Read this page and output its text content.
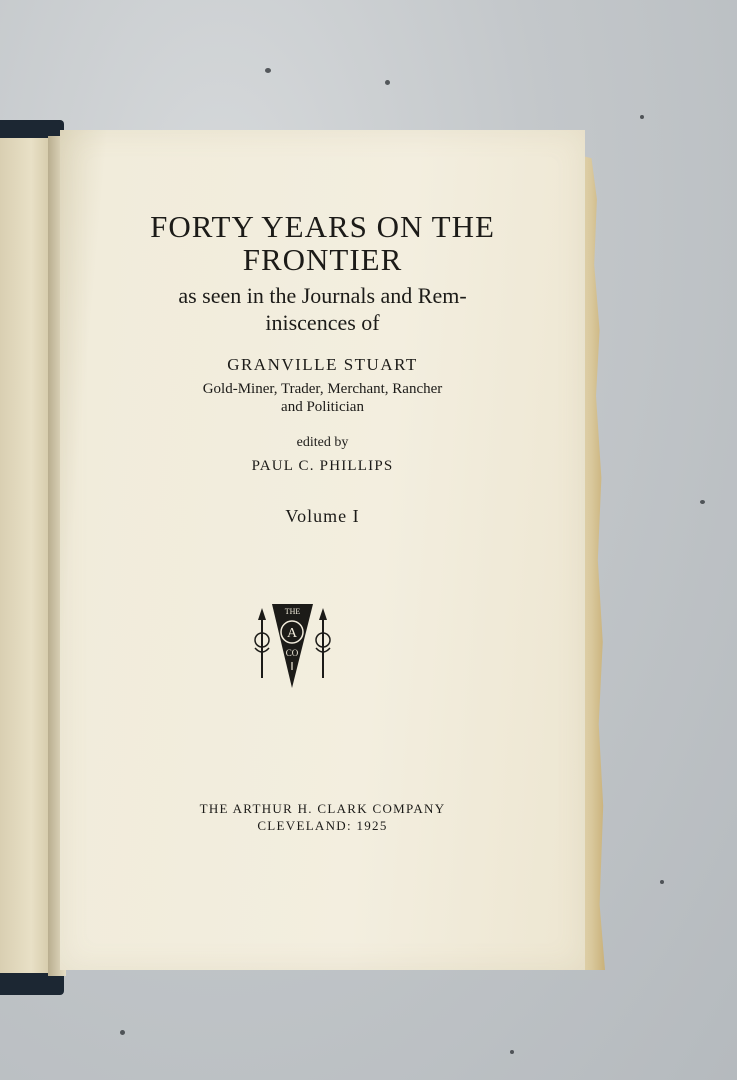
FORTY YEARS ON THE
FRONTIER
as seen in the Journals and Rem-
iniscences of
GRANVILLE STUART
Gold-Miner, Trader, Merchant, Rancher
and Politician
edited by
PAUL C. PHILLIPS
Volume I
THE
A
CO
THE ARTHUR H. CLARK COMPANY
CLEVELAND: 1925
